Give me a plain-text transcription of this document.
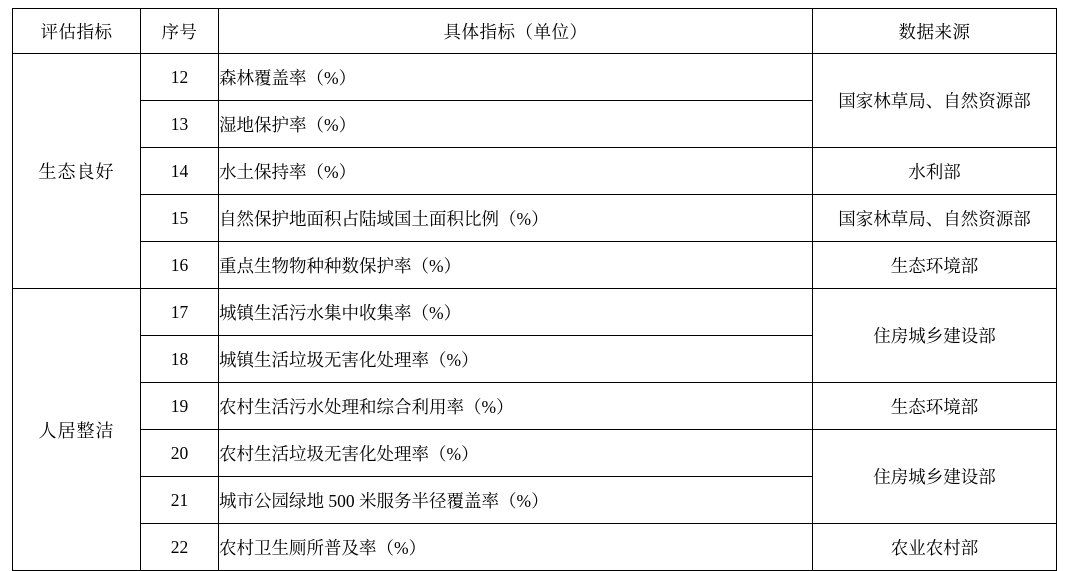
评估指标	序号	具体指标（单位）	数据来源
生态良好	12	森林覆盖率（%）	国家林草局、自然资源部
	13	湿地保护率（%）	
	14	水土保持率（%）	水利部
	15	自然保护地面积占陆域国土面积比例（%）	国家林草局、自然资源部
	16	重点生物物种种数保护率（%）	生态环境部
人居整洁	17	城镇生活污水集中收集率（%）	住房城乡建设部
	18	城镇生活垃圾无害化处理率（%）	
	19	农村生活污水处理和综合利用率（%）	生态环境部
	20	农村生活垃圾无害化处理率（%）	住房城乡建设部
	21	城市公园绿地 500 米服务半径覆盖率（%）	
	22	农村卫生厕所普及率（%）	农业农村部
